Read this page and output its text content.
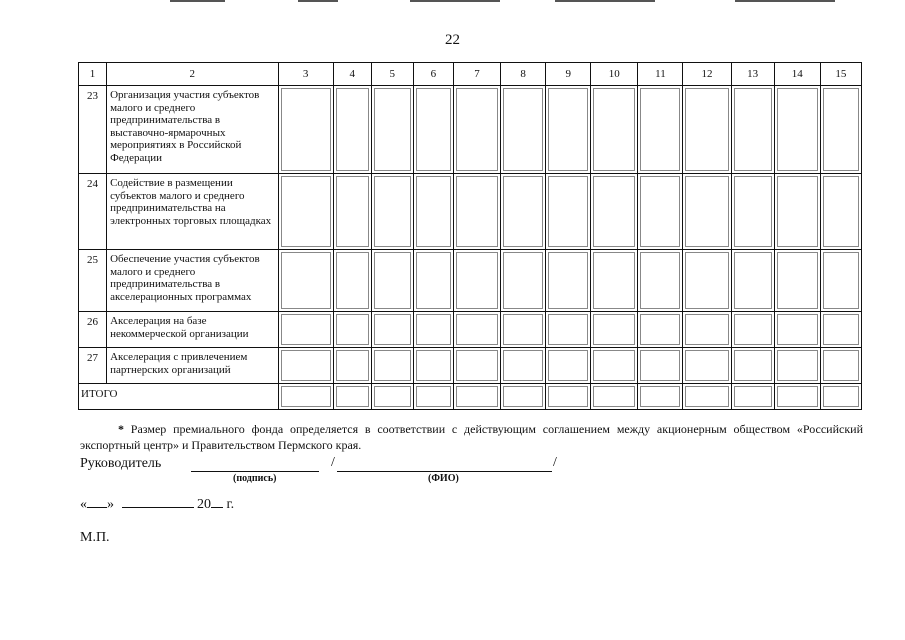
22
1	2	3	4	5	6	7	8	9	10	11	12	13	14	15
23	Организация участия субъектов малого и среднего предпринимательства в выставочно-ярмарочных мероприятиях в Российской Федерации													
24	Содействие в размещении субъектов малого и среднего предпринимательства на электронных торговых площадках													
25	Обеспечение участия субъектов малого и среднего предпринимательства в акселерационных программах													
26	Акселерация на базе некоммерческой организации													
27	Акселерация с привлечением партнерских организаций													
ИТОГО														
* Размер премиального фонда определяется в соответствии с действующим соглашением между акционерным обществом «Российский экспортный центр» и Правительством Пермского края.
Руководитель	/	/
(подпись)	(ФИО)
« »	20 г.
М.П.
